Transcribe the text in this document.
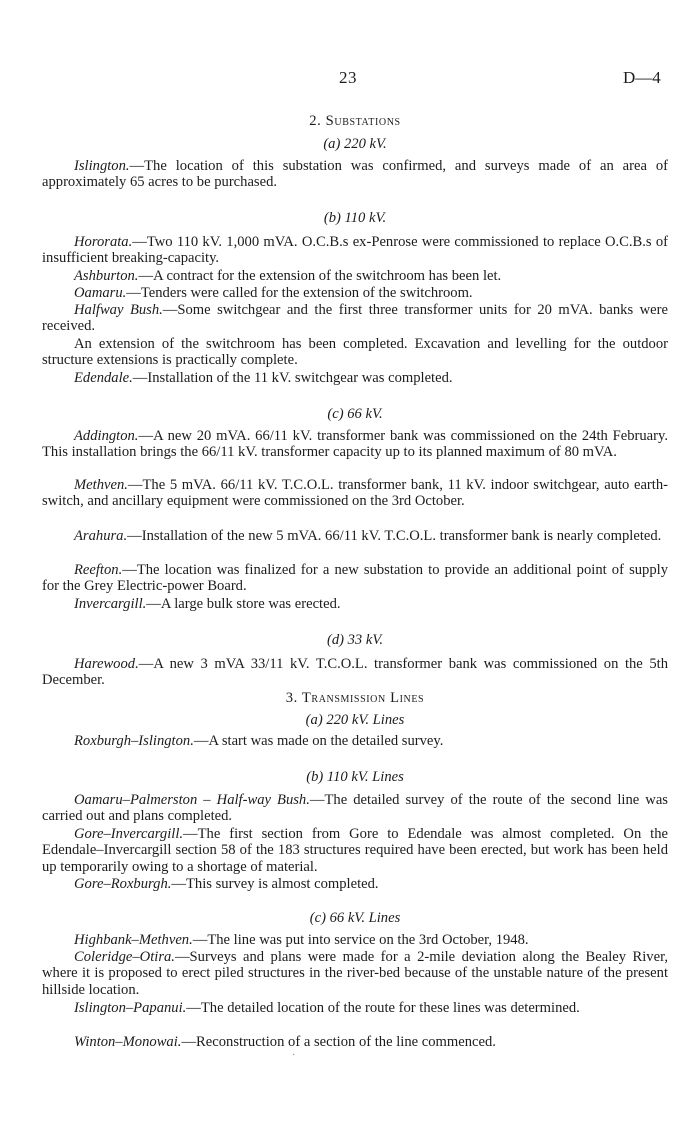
23	D—4
2. Substations
(a) 220 kV.
Islington.—The location of this substation was confirmed, and surveys made of an area of approximately 65 acres to be purchased.
(b) 110 kV.
Hororata.—Two 110 kV. 1,000 mVA. O.C.B.s ex-Penrose were commissioned to replace O.C.B.s of insufficient breaking-capacity.
Ashburton.—A contract for the extension of the switchroom has been let.
Oamaru.—Tenders were called for the extension of the switchroom.
Halfway Bush.—Some switchgear and the first three transformer units for 20 mVA. banks were received.
An extension of the switchroom has been completed. Excavation and levelling for the outdoor structure extensions is practically complete.
Edendale.—Installation of the 11 kV. switchgear was completed.
(c) 66 kV.
Addington.—A new 20 mVA. 66/11 kV. transformer bank was commissioned on the 24th February. This installation brings the 66/11 kV. transformer capacity up to its planned maximum of 80 mVA.
Methven.—The 5 mVA. 66/11 kV. T.C.O.L. transformer bank, 11 kV. indoor switchgear, auto earth-switch, and ancillary equipment were commissioned on the 3rd October.
Arahura.—Installation of the new 5 mVA. 66/11 kV. T.C.O.L. transformer bank is nearly completed.
Reefton.—The location was finalized for a new substation to provide an additional point of supply for the Grey Electric-power Board.
Invercargill.—A large bulk store was erected.
(d) 33 kV.
Harewood.—A new 3 mVA 33/11 kV. T.C.O.L. transformer bank was commissioned on the 5th December.
3. Transmission Lines
(a) 220 kV. Lines
Roxburgh–Islington.—A start was made on the detailed survey.
(b) 110 kV. Lines
Oamaru–Palmerston – Half-way Bush.—The detailed survey of the route of the second line was carried out and plans completed.
Gore–Invercargill.—The first section from Gore to Edendale was almost completed. On the Edendale–Invercargill section 58 of the 183 structures required have been erected, but work has been held up temporarily owing to a shortage of material.
Gore–Roxburgh.—This survey is almost completed.
(c) 66 kV. Lines
Highbank–Methven.—The line was put into service on the 3rd October, 1948.
Coleridge–Otira.—Surveys and plans were made for a 2-mile deviation along the Bealey River, where it is proposed to erect piled structures in the river-bed because of the unstable nature of the present hillside location.
Islington–Papanui.—The detailed location of the route for these lines was determined.
Winton–Monowai.—Reconstruction of a section of the line commenced.
·
